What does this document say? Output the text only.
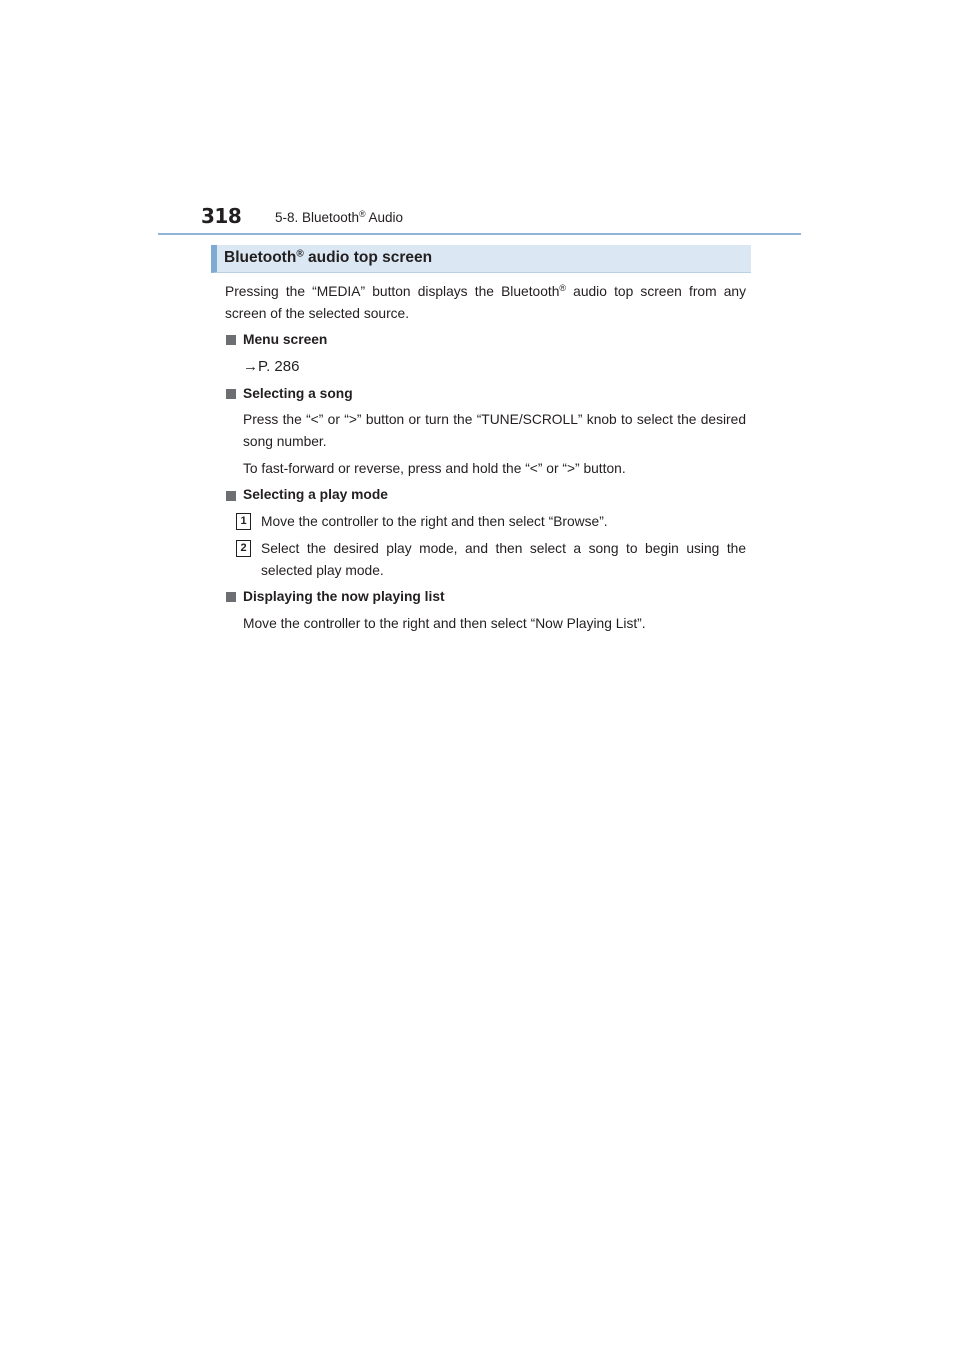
318	5-8. Bluetooth® Audio
Bluetooth® audio top screen
Pressing the “MEDIA” button displays the Bluetooth® audio top screen from any screen of the selected source.
Menu screen
→P. 286
Selecting a song
Press the “<” or “>” button or turn the “TUNE/SCROLL” knob to select the desired song number.
To fast-forward or reverse, press and hold the “<” or “>” button.
Selecting a play mode
1	Move the controller to the right and then select “Browse”.
2	Select the desired play mode, and then select a song to begin using the selected play mode.
Displaying the now playing list
Move the controller to the right and then select “Now Playing List”.
